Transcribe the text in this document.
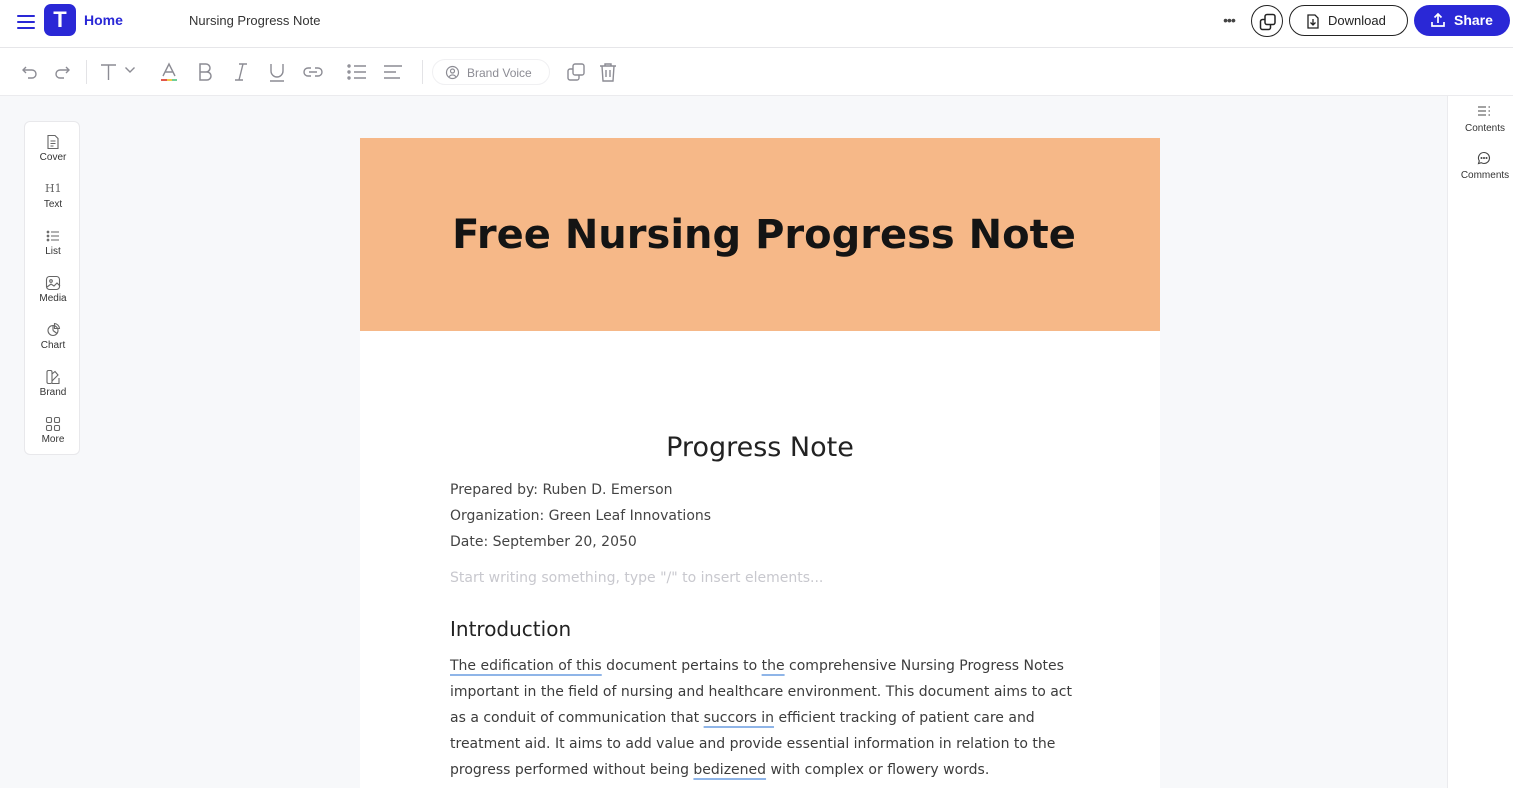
T	Home	Nursing Progress Note	•••	Download	Share
Brand Voice
Cover
H1
Text
List
Media
Chart
Brand
More
Contents
Comments
Free Nursing Progress Note
Progress Note
Prepared by: Ruben D. Emerson
Organization: Green Leaf Innovations
Date: September 20, 2050
Start writing something, type "/" to insert elements...
Introduction
The edification of this document pertains to the comprehensive Nursing Progress Notes
important in the field of nursing and healthcare environment. This document aims to act
as a conduit of communication that succors in efficient tracking of patient care and
treatment aid. It aims to add value and provide essential information in relation to the
progress performed without being bedizened with complex or flowery words.
